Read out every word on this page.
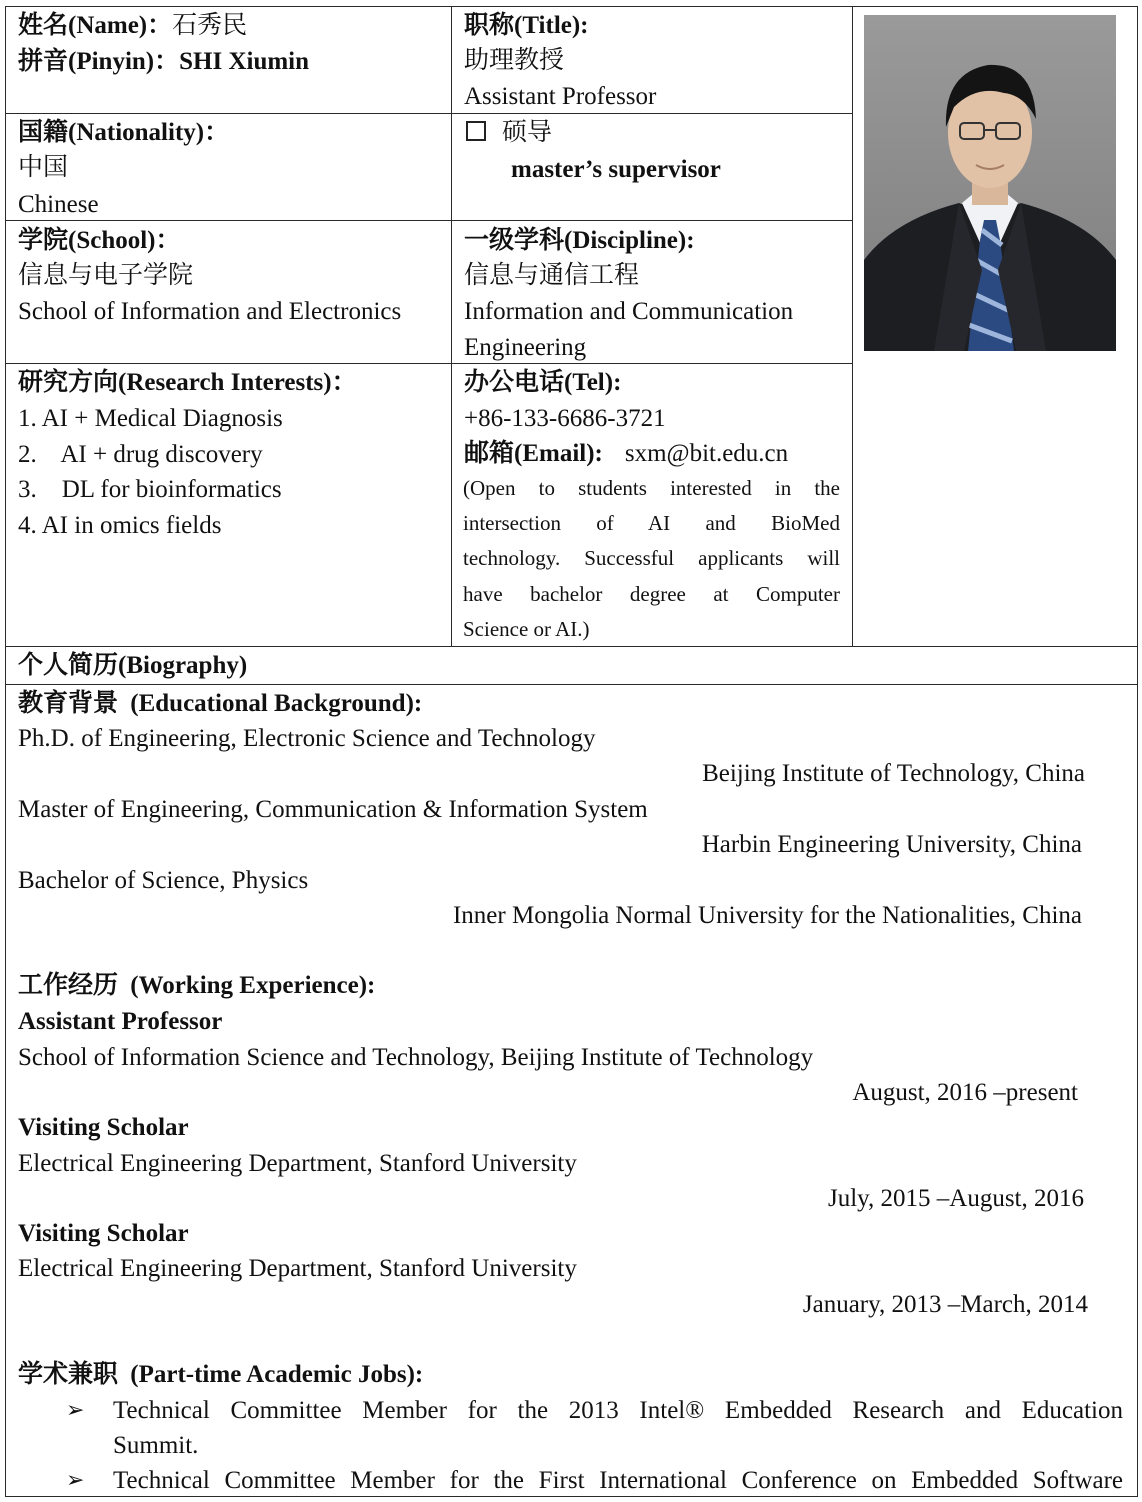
姓名(Name)：石秀民
拼音(Pinyin)：SHI Xiumin
职称(Title):
助理教授
Assistant Professor
国籍(Nationality)：
中国
Chinese
硕导
master’s supervisor
学院(School)：
信息与电子学院
School of Information and Electronics
一级学科(Discipline):
信息与通信工程
Information and Communication
Engineering
研究方向(Research Interests)：
1. AI + Medical Diagnosis
2.    AI + drug discovery
3.    DL for bioinformatics
4. AI in omics fields
办公电话(Tel):
+86-133-6686-3721
邮箱(Email): sxm@bit.edu.cn
(Open to students interested in the
intersection of AI and BioMed
technology. Successful applicants will
have bachelor degree at Computer
Science or AI.)
个人简历(Biography)
教育背景 (Educational Background):
Ph.D. of Engineering, Electronic Science and Technology
Beijing Institute of Technology, China
Master of Engineering, Communication & Information System
Harbin Engineering University, China
Bachelor of Science, Physics
Inner Mongolia Normal University for the Nationalities, China
工作经历 (Working Experience):
Assistant Professor
School of Information Science and Technology, Beijing Institute of Technology
August, 2016 –present
Visiting Scholar
Electrical Engineering Department, Stanford University
July, 2015 –August, 2016
Visiting Scholar
Electrical Engineering Department, Stanford University
January, 2013 –March, 2014
学术兼职 (Part-time Academic Jobs):
➢ Technical Committee Member for the 2013 Intel® Embedded Research and Education
Summit.
➢ Technical Committee Member for the First International Conference on Embedded Software
